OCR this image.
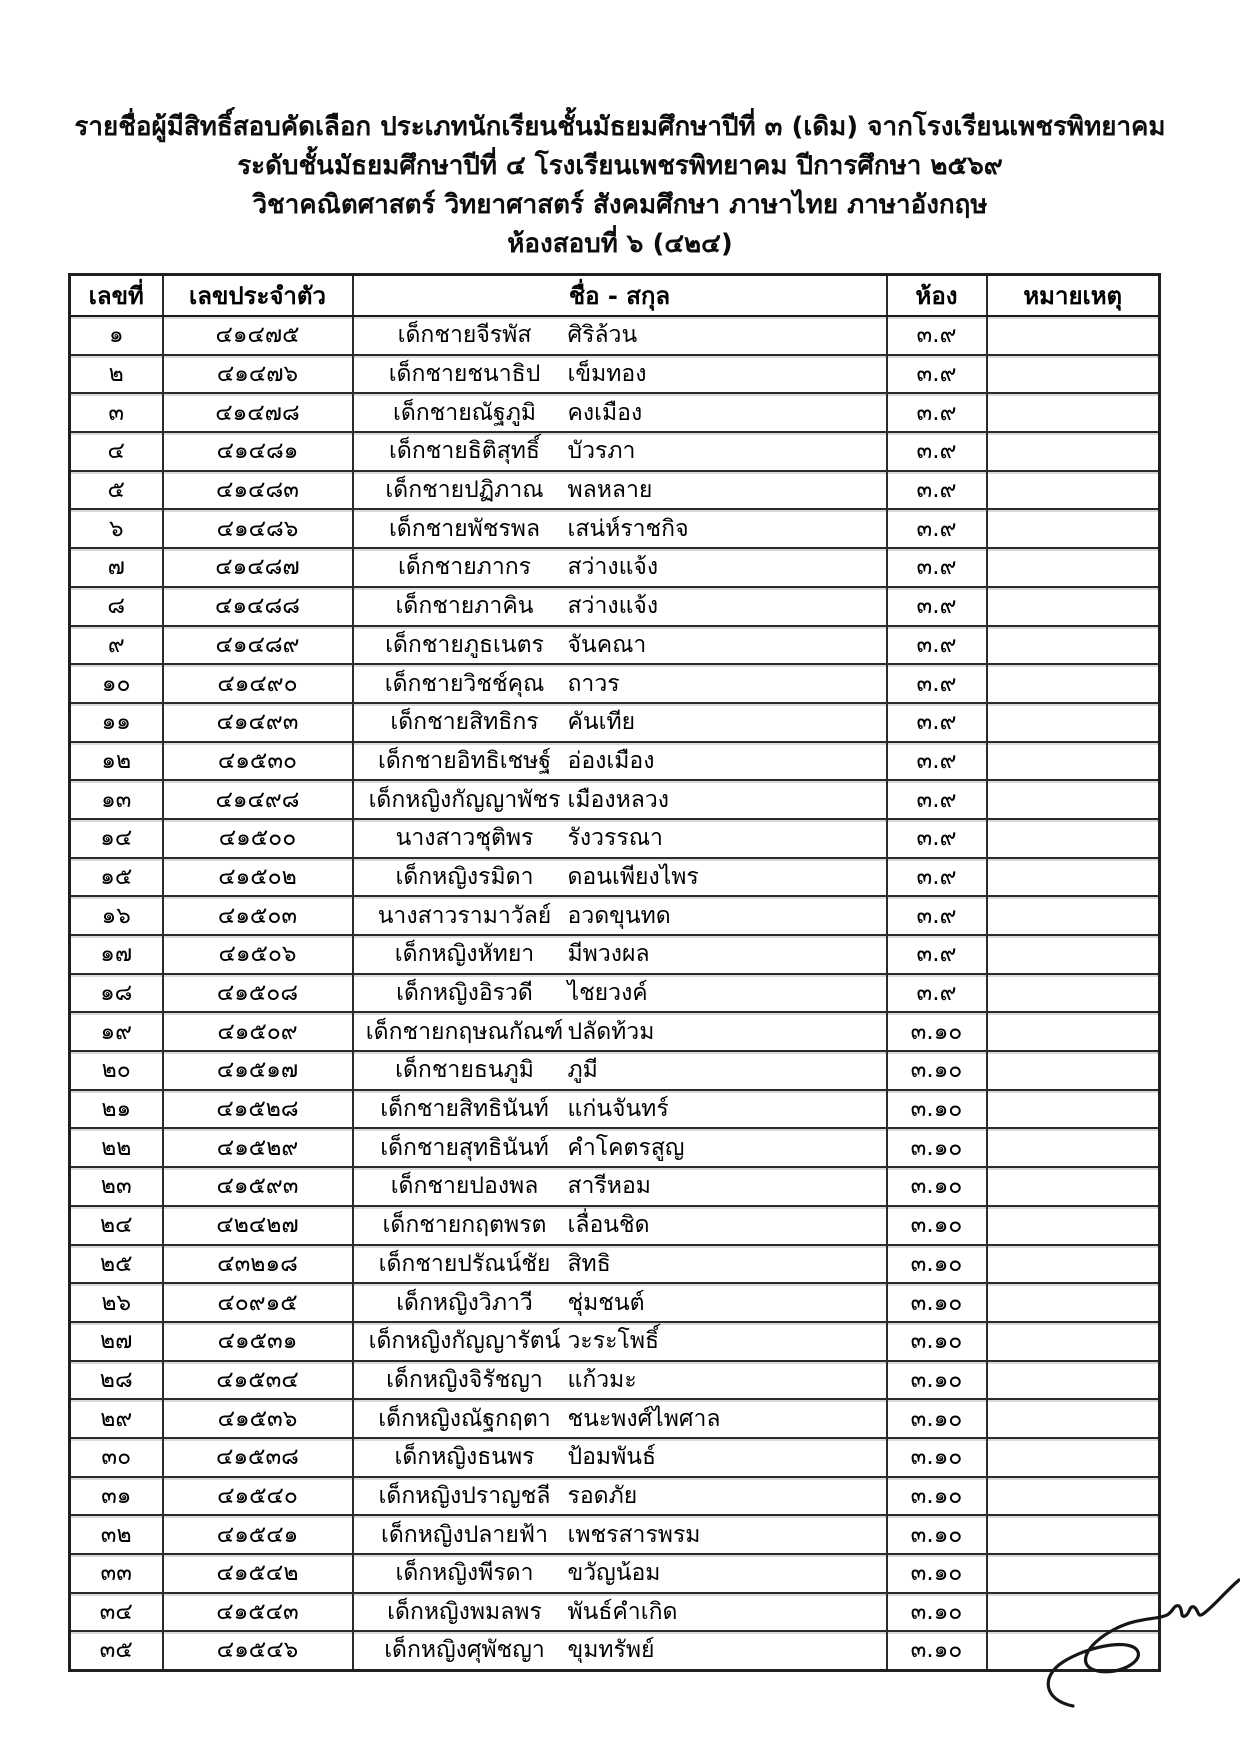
รายชื่อผู้มีสิทธิ์สอบคัดเลือก ประเภทนักเรียนชั้นมัธยมศึกษาปีที่ ๓ (เดิม) จากโรงเรียนเพชรพิทยาคม
ระดับชั้นมัธยมศึกษาปีที่ ๔ โรงเรียนเพชรพิทยาคม ปีการศึกษา ๒๕๖๙
วิชาคณิตศาสตร์ วิทยาศาสตร์ สังคมศึกษา ภาษาไทย ภาษาอังกฤษ
ห้องสอบที่ ๖ (๔๒๔)
เลขที่	เลขประจำตัว	ชื่อ - สกุล	ห้อง	หมายเหตุ
๑	๔๑๔๗๕	เด็กชายจีรพัส ศิริล้วน	๓.๙	
๒	๔๑๔๗๖	เด็กชายชนาธิป เข็มทอง	๓.๙	
๓	๔๑๔๗๘	เด็กชายณัฐภูมิ คงเมือง	๓.๙	
๔	๔๑๔๘๑	เด็กชายธิติสุทธิ์ บัวรภา	๓.๙	
๕	๔๑๔๘๓	เด็กชายปฏิภาณ พลหลาย	๓.๙	
๖	๔๑๔๘๖	เด็กชายพัชรพล เสน่ห์ราชกิจ	๓.๙	
๗	๔๑๔๘๗	เด็กชายภากร สว่างแจ้ง	๓.๙	
๘	๔๑๔๘๘	เด็กชายภาคิน สว่างแจ้ง	๓.๙	
๙	๔๑๔๘๙	เด็กชายภูธเนตร จันคณา	๓.๙	
๑๐	๔๑๔๙๐	เด็กชายวิชช์คุณ ถาวร	๓.๙	
๑๑	๔๑๔๙๓	เด็กชายสิทธิกร คันเทีย	๓.๙	
๑๒	๔๑๕๓๐	เด็กชายอิทธิเชษฐ์ อ่องเมือง	๓.๙	
๑๓	๔๑๔๙๘	เด็กหญิงกัญญาพัชร เมืองหลวง	๓.๙	
๑๔	๔๑๕๐๐	นางสาวชุติพร รังวรรณา	๓.๙	
๑๕	๔๑๕๐๒	เด็กหญิงรมิดา ดอนเพียงไพร	๓.๙	
๑๖	๔๑๕๐๓	นางสาวรามาวัลย์ อวดขุนทด	๓.๙	
๑๗	๔๑๕๐๖	เด็กหญิงหัทยา มีพวงผล	๓.๙	
๑๘	๔๑๕๐๘	เด็กหญิงอิรวดี ไชยวงค์	๓.๙	
๑๙	๔๑๕๐๙	เด็กชายกฤษณกัณฑ์ ปลัดท้วม	๓.๑๐	
๒๐	๔๑๕๑๗	เด็กชายธนภูมิ ภูมี	๓.๑๐	
๒๑	๔๑๕๒๘	เด็กชายสิทธินันท์ แก่นจันทร์	๓.๑๐	
๒๒	๔๑๕๒๙	เด็กชายสุทธินันท์ คำโคตรสูญ	๓.๑๐	
๒๓	๔๑๕๙๓	เด็กชายปองพล สารีหอม	๓.๑๐	
๒๔	๔๒๔๒๗	เด็กชายกฤตพรต เลื่อนชิด	๓.๑๐	
๒๕	๔๓๒๑๘	เด็กชายปรัณน์ชัย สิทธิ	๓.๑๐	
๒๖	๔๐๙๑๕	เด็กหญิงวิภาวี ชุ่มชนต์	๓.๑๐	
๒๗	๔๑๕๓๑	เด็กหญิงกัญญารัตน์ วะระโพธิ์	๓.๑๐	
๒๘	๔๑๕๓๔	เด็กหญิงจิรัชญา แก้วมะ	๓.๑๐	
๒๙	๔๑๕๓๖	เด็กหญิงณัฐกฤตา ชนะพงศ์ไพศาล	๓.๑๐	
๓๐	๔๑๕๓๘	เด็กหญิงธนพร ป้อมพันธ์	๓.๑๐	
๓๑	๔๑๕๔๐	เด็กหญิงปราญชลี รอดภัย	๓.๑๐	
๓๒	๔๑๕๔๑	เด็กหญิงปลายฟ้า เพชรสารพรม	๓.๑๐	
๓๓	๔๑๕๔๒	เด็กหญิงพีรดา ขวัญน้อม	๓.๑๐	
๓๔	๔๑๕๔๓	เด็กหญิงพมลพร พันธ์คำเกิด	๓.๑๐	
๓๕	๔๑๕๔๖	เด็กหญิงศุพัชญา ขุมทรัพย์	๓.๑๐	
